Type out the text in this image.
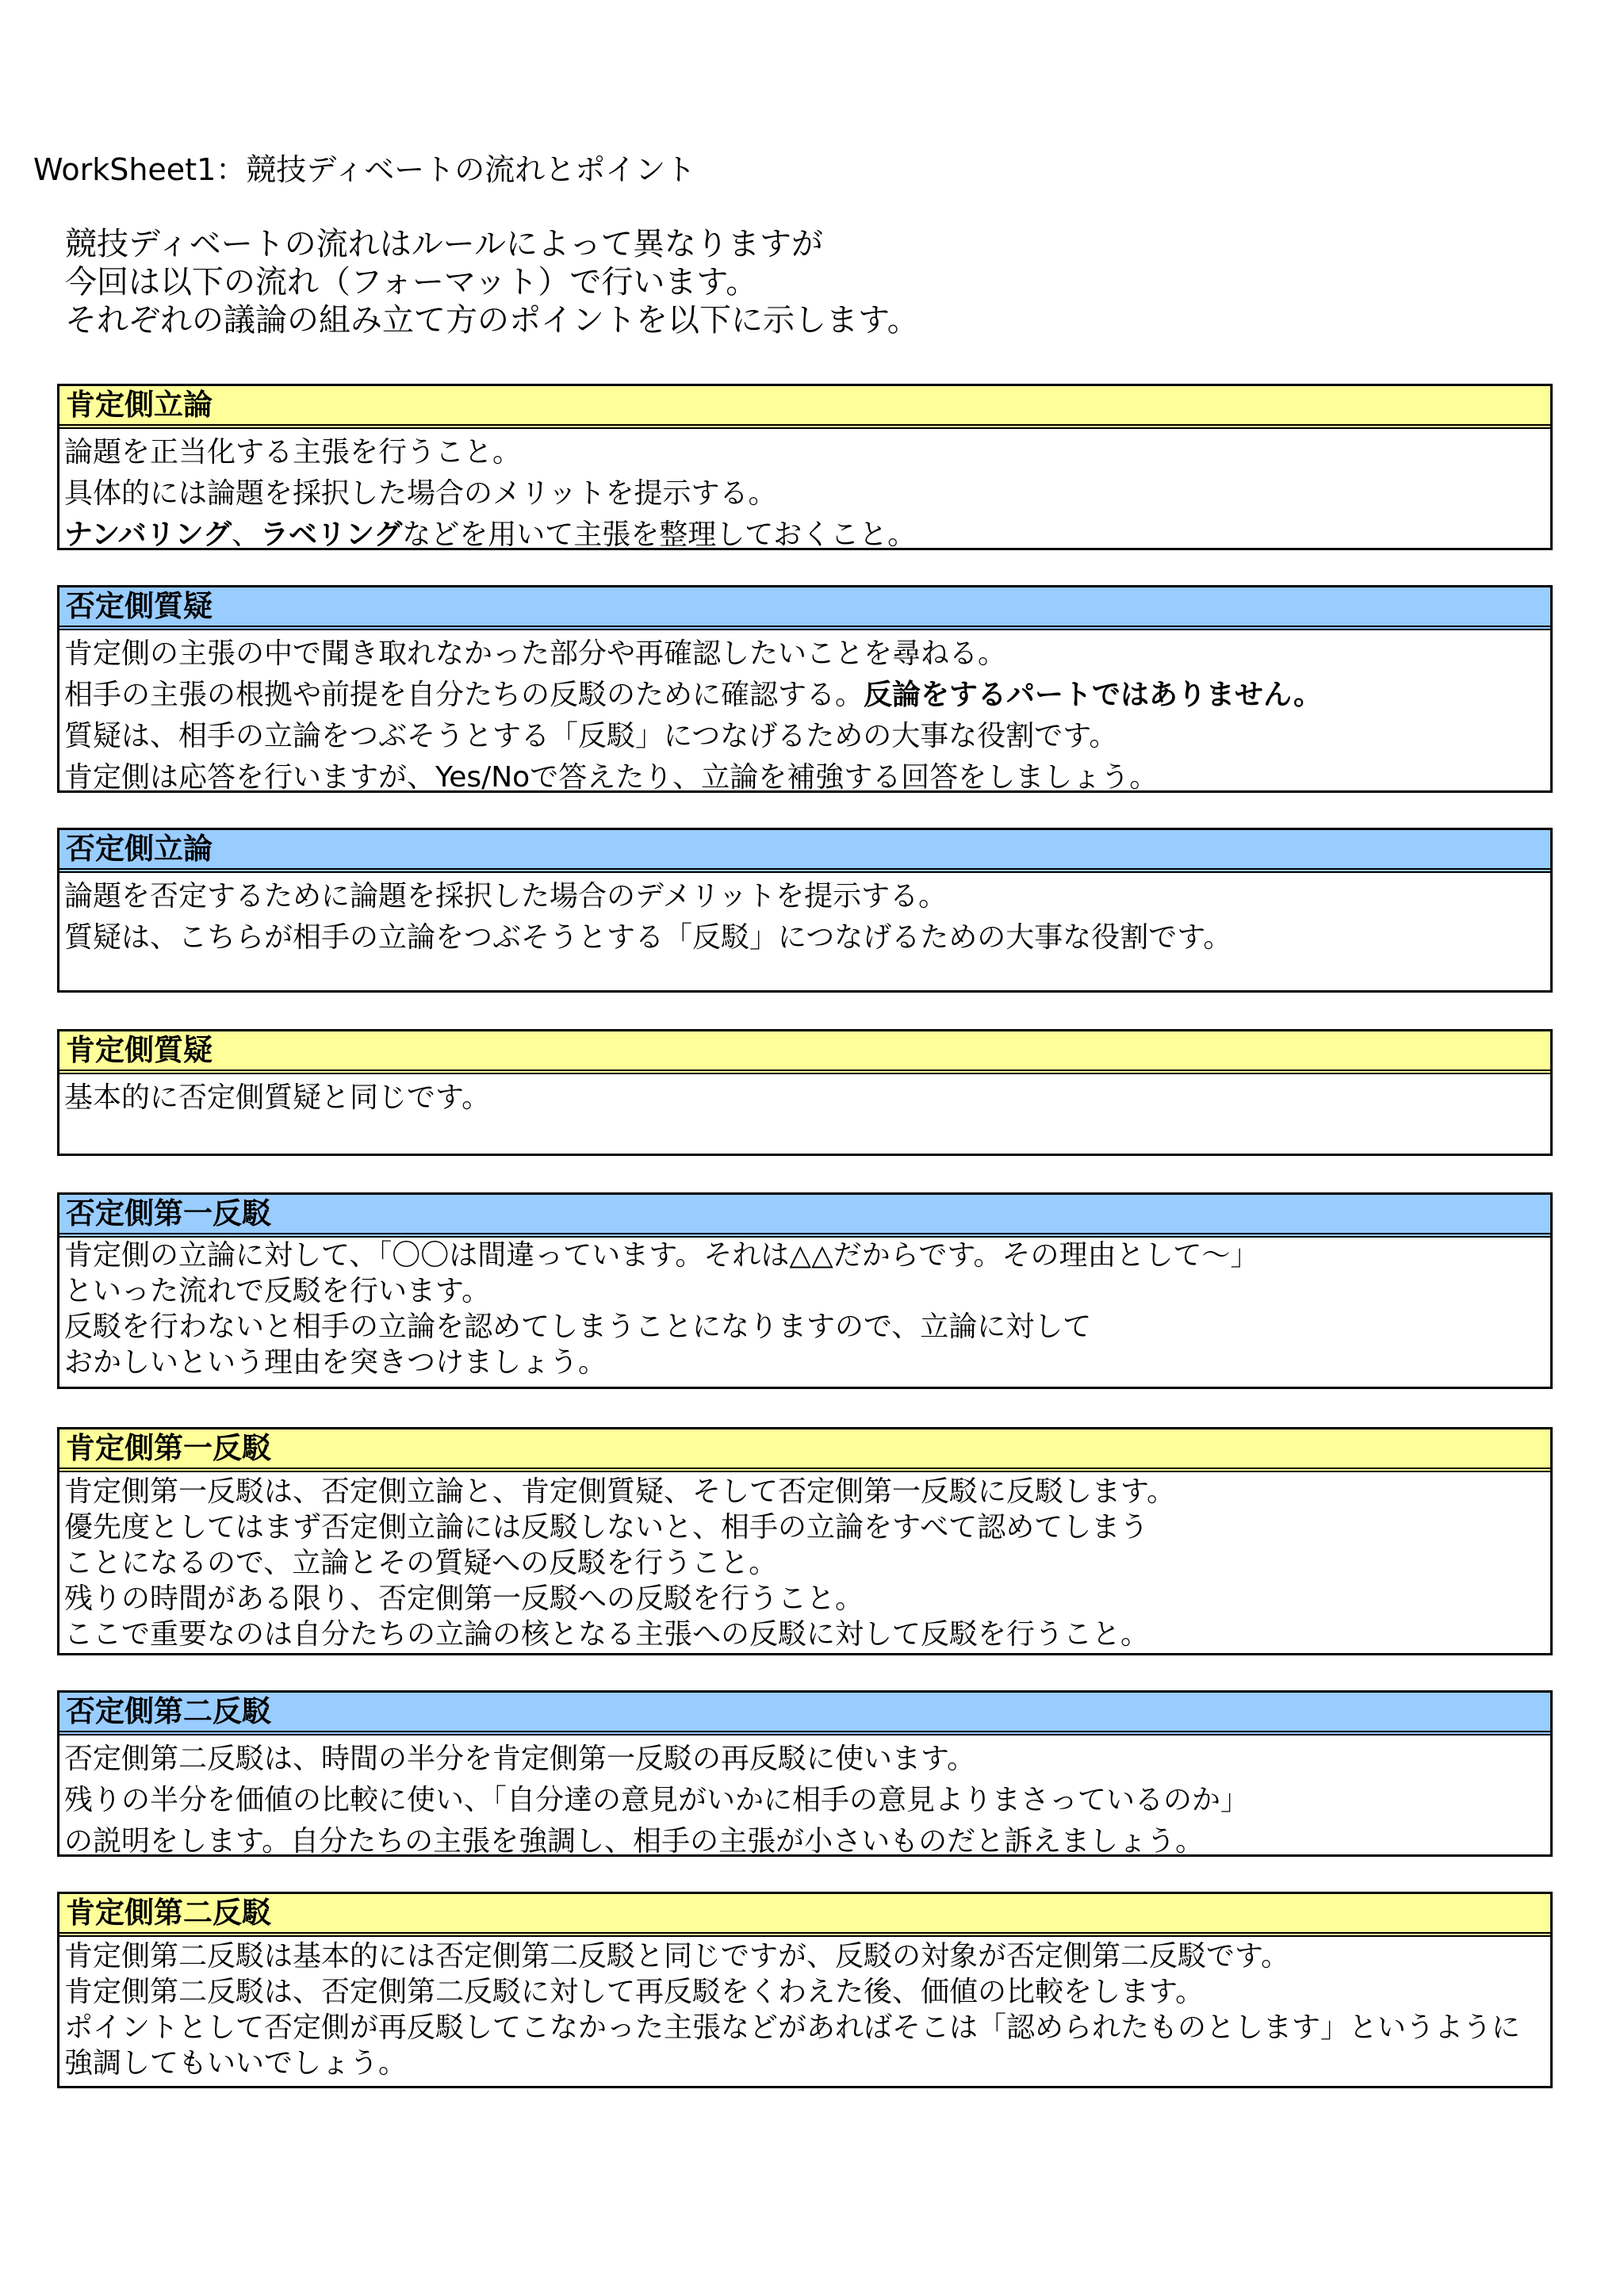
WorkSheet1：競技ディベートの流れとポイント
競技ディベートの流れはルールによって異なりますが
今回は以下の流れ（フォーマット）で行います。
それぞれの議論の組み立て方のポイントを以下に示します。
肯定側立論
論題を正当化する主張を行うこと。
具体的には論題を採択した場合のメリットを提示する。
ナンバリング、ラベリングなどを用いて主張を整理しておくこと。
否定側質疑
肯定側の主張の中で聞き取れなかった部分や再確認したいことを尋ねる。
相手の主張の根拠や前提を自分たちの反駁のために確認する。反論をするパートではありません。
質疑は、相手の立論をつぶそうとする「反駁」につなげるための大事な役割です。
肯定側は応答を行いますが、Yes/Noで答えたり、立論を補強する回答をしましょう。
否定側立論
論題を否定するために論題を採択した場合のデメリットを提示する。
質疑は、こちらが相手の立論をつぶそうとする「反駁」につなげるための大事な役割です。
肯定側質疑
基本的に否定側質疑と同じです。
否定側第一反駁
肯定側の立論に対して、「〇〇は間違っています。それは△△だからです。その理由として～」
といった流れで反駁を行います。
反駁を行わないと相手の立論を認めてしまうことになりますので、立論に対して
おかしいという理由を突きつけましょう。
肯定側第一反駁
肯定側第一反駁は、否定側立論と、肯定側質疑、そして否定側第一反駁に反駁します。
優先度としてはまず否定側立論には反駁しないと、相手の立論をすべて認めてしまう
ことになるので、立論とその質疑への反駁を行うこと。
残りの時間がある限り、否定側第一反駁への反駁を行うこと。
ここで重要なのは自分たちの立論の核となる主張への反駁に対して反駁を行うこと。
否定側第二反駁
否定側第二反駁は、時間の半分を肯定側第一反駁の再反駁に使います。
残りの半分を価値の比較に使い、「自分達の意見がいかに相手の意見よりまさっているのか」
の説明をします。自分たちの主張を強調し、相手の主張が小さいものだと訴えましょう。
肯定側第二反駁
肯定側第二反駁は基本的には否定側第二反駁と同じですが、反駁の対象が否定側第二反駁です。
肯定側第二反駁は、否定側第二反駁に対して再反駁をくわえた後、価値の比較をします。
ポイントとして否定側が再反駁してこなかった主張などがあればそこは「認められたものとします」というように
強調してもいいでしょう。
